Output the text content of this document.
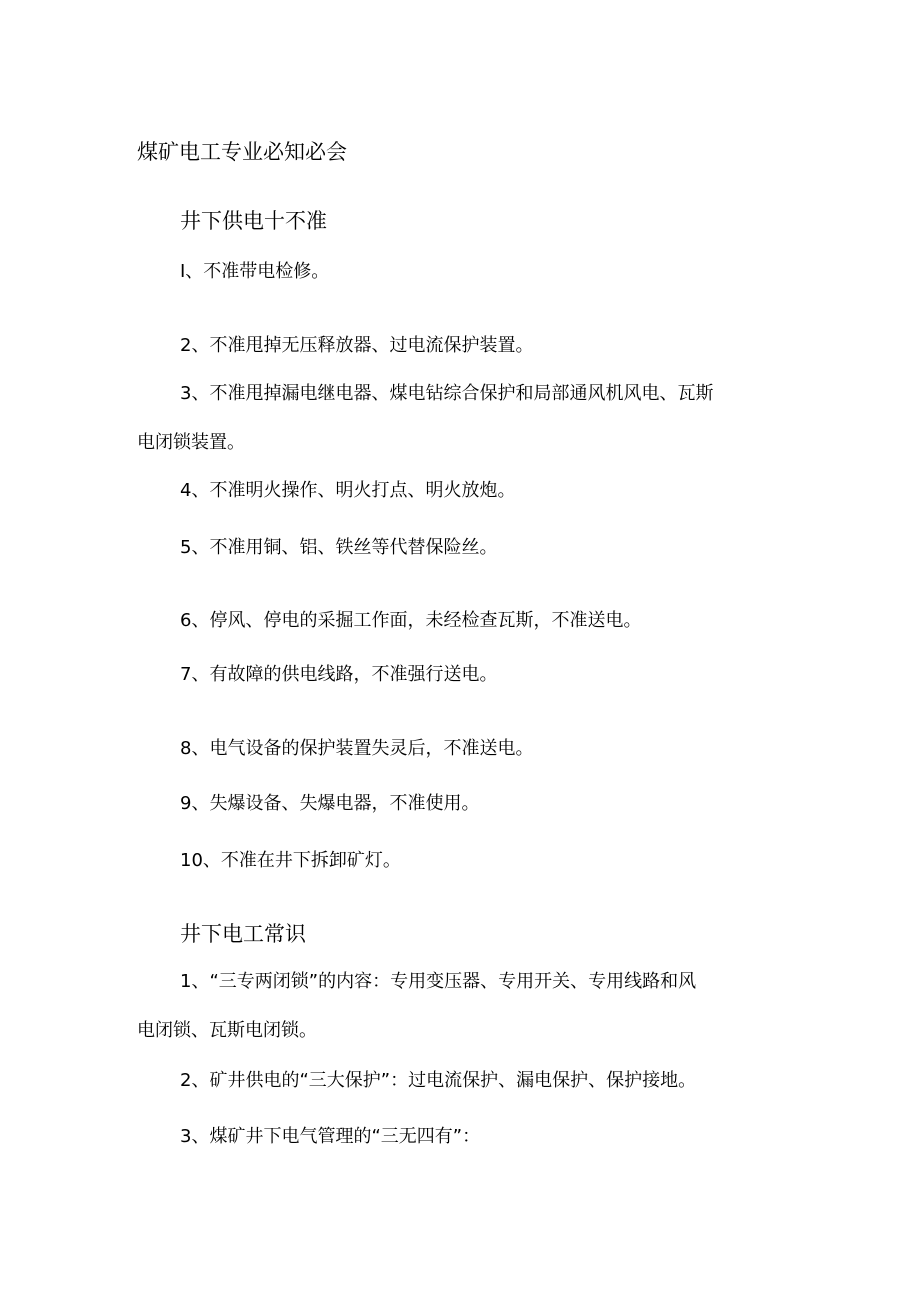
煤矿电工专业必知必会
井下供电十不准
I、不准带电检修。
2、不准甩掉无压释放器、过电流保护装置。
3、不准甩掉漏电继电器、煤电钻综合保护和局部通风机风电、瓦斯
电闭锁装置。
4、不准明火操作、明火打点、明火放炮。
5、不准用铜、铝、铁丝等代替保险丝。
6、停风、停电的采掘工作面，未经检查瓦斯，不准送电。
7、有故障的供电线路，不准强行送电。
8、电气设备的保护装置失灵后，不准送电。
9、失爆设备、失爆电器，不准使用。
10、不准在井下拆卸矿灯。
井下电工常识
1、“三专两闭锁”的内容：专用变压器、专用开关、专用线路和风
电闭锁、瓦斯电闭锁。
2、矿井供电的“三大保护”：过电流保护、漏电保护、保护接地。
3、煤矿井下电气管理的“三无四有”：
